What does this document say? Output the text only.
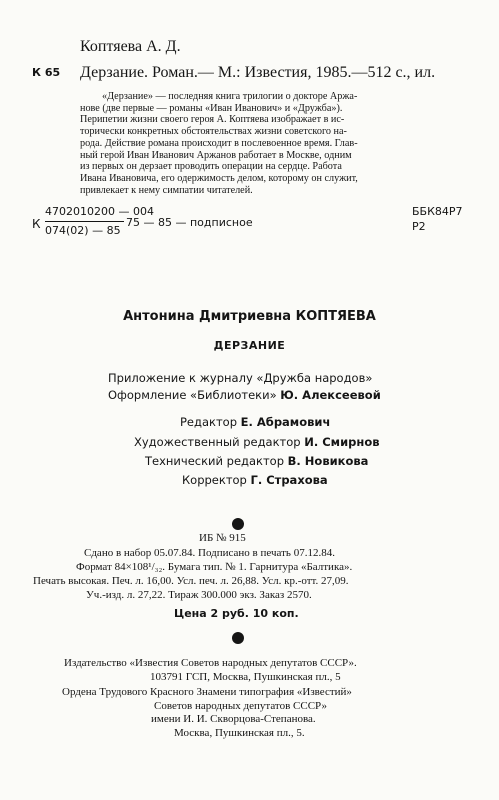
Коптяева А. Д.
К 65 Дерзание. Роман.— М.: Известия, 1985.—512 с., ил.

«Дерзание» — последняя книга трилогии о докторе Аржа-

нове (две первые — романы «Иван Иванович» и «Дружба»).

Перипетии жизни своего героя А. Коптяева изображает в ис-

торически конкретных обстоятельствах жизни советского на-

рода. Действие романа происходит в послевоенное время. Глав-

ный герой Иван Иванович Аржанов работает в Москве, одним

из первых он дерзает проводить операции на сердце. Работа

Ивана Ивановича, его одержимость делом, которому он служит,

привлекает к нему симпатии читателей.

К
4702010200 — 004
074(02) — 85
75 — 85 — подписное
ББК84Р7
Р2
Антонина Дмитриевна КОПТЯЕВА
ДЕРЗАНИЕ
Приложение к журналу «Дружба народов»
Оформление «Библиотеки» Ю. Алексеевой
Редактор Е. Абрамович
Художественный редактор И. Смирнов
Технический редактор В. Новикова
Корректор Г. Страхова
ИБ № 915
Сдано в набор 05.07.84. Подписано в печать 07.12.84.
Формат 84×108¹/₃₂. Бумага тип. № 1. Гарнитура «Балтика».
Печать высокая. Печ. л. 16,00. Усл. печ. л. 26,88. Усл. кр.-отт. 27,09.
Уч.-изд. л. 27,22. Тираж 300.000 экз. Заказ 2570.
Цена 2 руб. 10 коп.
Издательство «Известия Советов народных депутатов СССР».
103791 ГСП, Москва, Пушкинская пл., 5
Ордена Трудового Красного Знамени типография «Известий»
Советов народных депутатов СССР»
имени И. И. Скворцова-Степанова.
Москва, Пушкинская пл., 5.
